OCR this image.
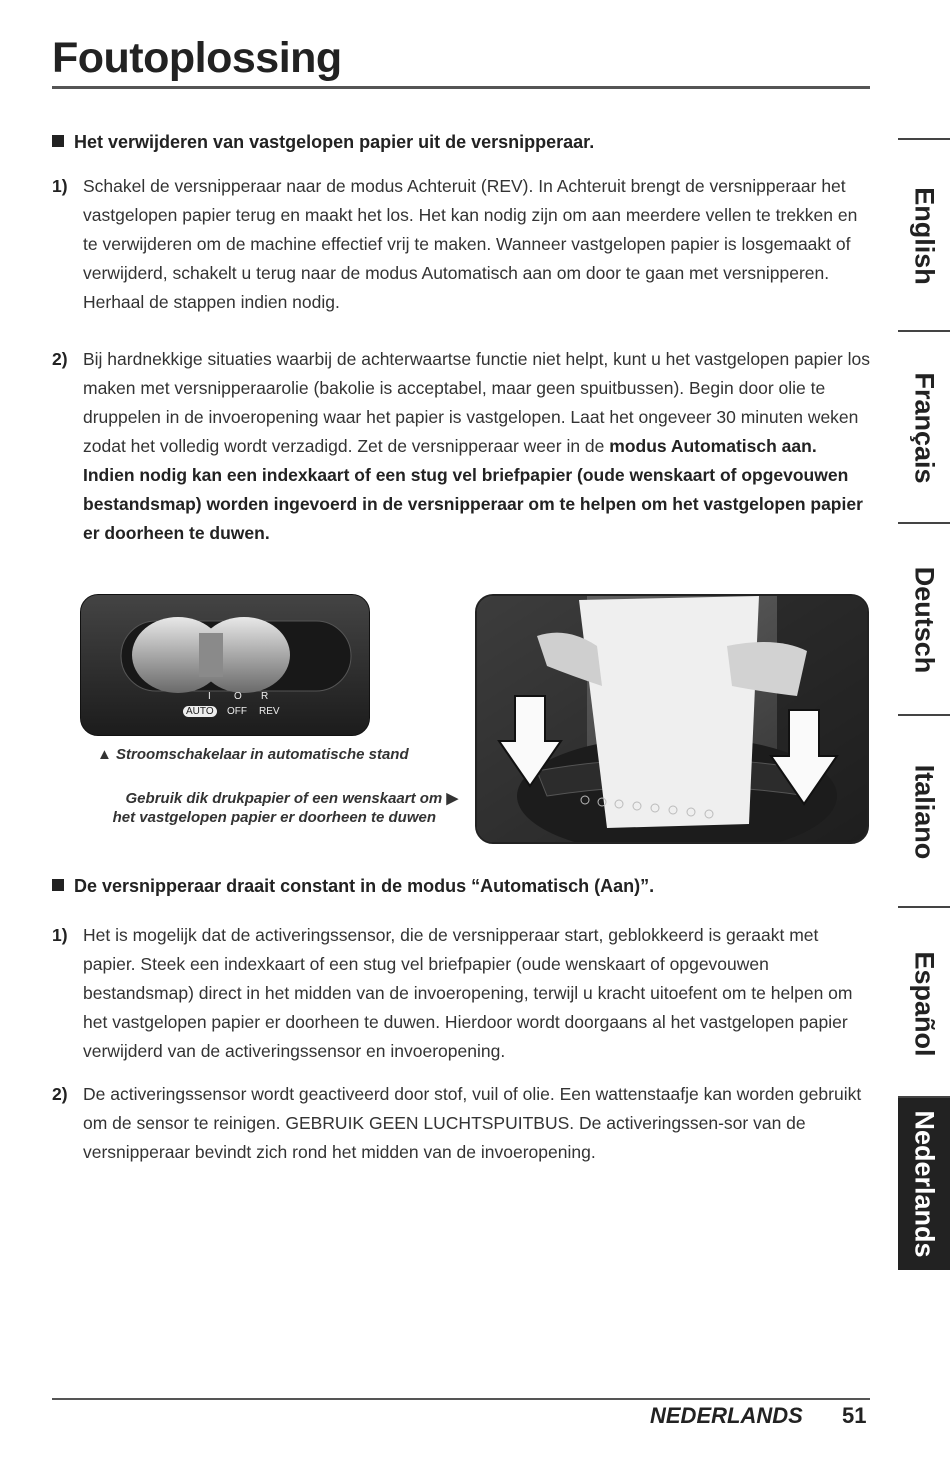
Foutoplossing
Het verwijderen van vastgelopen papier uit de versnipperaar.
1) Schakel de versnipperaar naar de modus Achteruit (REV). In Achteruit brengt de versnipperaar het vastgelopen papier terug en maakt het los. Het kan nodig zijn om aan meerdere vellen te trekken en te verwijderen om de machine effectief vrij te maken. Wanneer vastgelopen papier is losgemaakt of verwijderd, schakelt u terug naar de modus Automatisch aan om door te gaan met versnipperen. Herhaal de stappen indien nodig.
2) Bij hardnekkige situaties waarbij de achterwaartse functie niet helpt, kunt u het vastgelopen papier los maken met versnipperaarolie (bakolie is acceptabel, maar geen spuitbussen). Begin door olie te druppelen in de invoeropening waar het papier is vastgelopen. Laat het ongeveer 30 minuten weken zodat het volledig wordt verzadigd. Zet de versnipperaar weer in de modus Automatisch aan. Indien nodig kan een indexkaart of een stug vel briefpapier (oude wenskaart of opgevouwen bestandsmap) worden ingevoerd in de versnipperaar om te helpen om het vastgelopen papier er doorheen te duwen.
I O R
AUTO	OFF REV
▲ Stroomschakelaar in automatische stand
Gebruik dik drukpapier of een wenskaart om ▶
het vastgelopen papier er doorheen te duwen
De versnipperaar draait constant in de modus “Automatisch (Aan)”.
1) Het is mogelijk dat de activeringssensor, die de versnipperaar start, geblokkeerd is geraakt met papier. Steek een indexkaart of een stug vel briefpapier (oude wenskaart of opgevouwen bestandsmap) direct in het midden van de invoeropening, terwijl u kracht uitoefent om te helpen om het vastgelopen papier er doorheen te duwen. Hierdoor wordt doorgaans al het vastgelopen papier verwijderd van de activeringssensor en invoeropening.
2) De activeringssensor wordt geactiveerd door stof, vuil of olie. Een wattenstaafje kan worden gebruikt om de sensor te reinigen. GEBRUIK GEEN LUCHTSPUITBUS. De activeringssen-sor van de versnipperaar bevindt zich rond het midden van de invoeropening.
English
Français
Deutsch
Italiano
Español
Nederlands
NEDERLANDS 51
